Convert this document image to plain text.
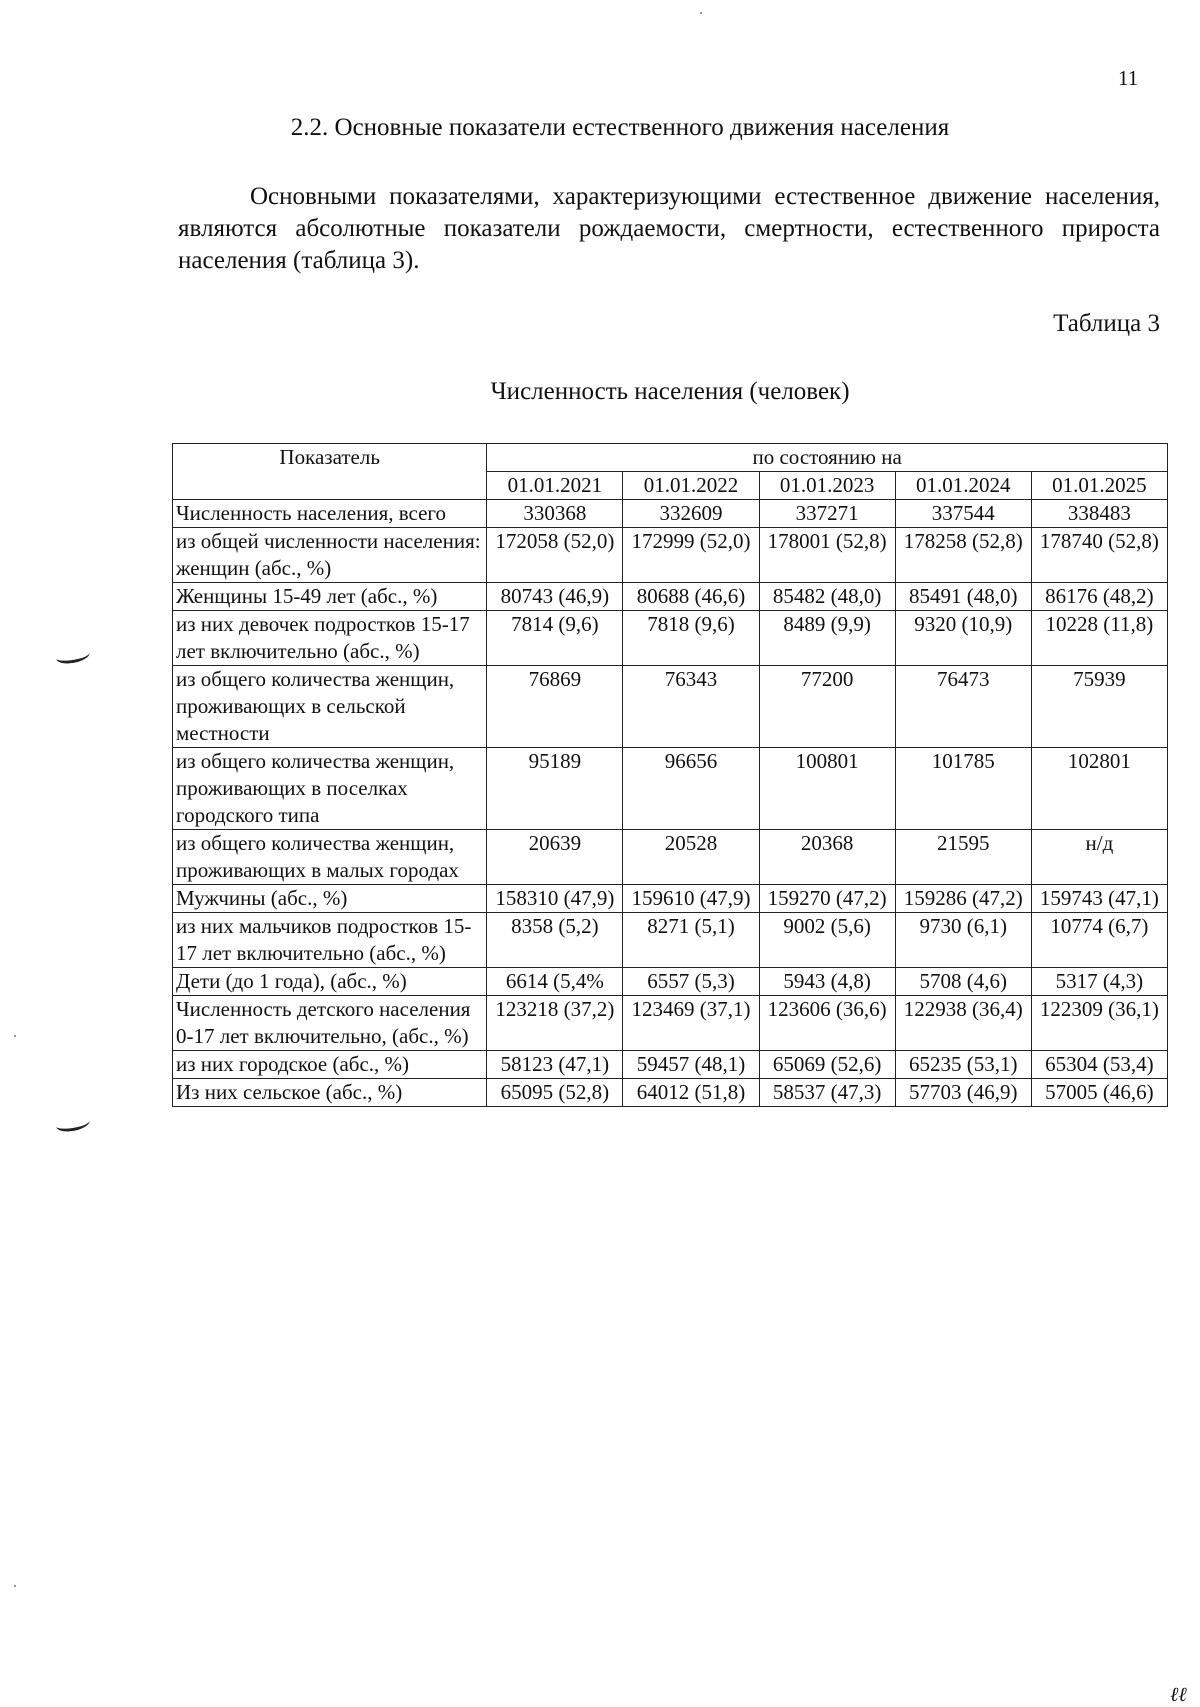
11
2.2. Основные показатели естественного движения населения

Основными показателями, характеризующими естественное движение населения, являются абсолютные показатели рождаемости, смертности, естественного прироста населения (таблица 3).

Таблица 3
Численность населения (человек)
Показатель	по состоянию на				
	01.01.2021	01.01.2022	01.01.2023	01.01.2024	01.01.2025
Численность населения, всего	330368	332609	337271	337544	338483
из общей численности населения: женщин (абс., %)	172058 (52,0)	172999 (52,0)	178001 (52,8)	178258 (52,8)	178740 (52,8)
Женщины 15-49 лет (абс., %)	80743 (46,9)	80688 (46,6)	85482 (48,0)	85491 (48,0)	86176 (48,2)
из них девочек подростков 15-17 лет включительно (абс., %)	7814 (9,6)	7818 (9,6)	8489 (9,9)	9320 (10,9)	10228 (11,8)
из общего количества женщин, проживающих в сельской местности	76869	76343	77200	76473	75939
из общего количества женщин, проживающих в поселках городского типа	95189	96656	100801	101785	102801
из общего количества женщин, проживающих в малых городах	20639	20528	20368	21595	н/д
Мужчины (абс., %)	158310 (47,9)	159610 (47,9)	159270 (47,2)	159286 (47,2)	159743 (47,1)
из них мальчиков подростков 15-17 лет включительно (абс., %)	8358 (5,2)	8271 (5,1)	9002 (5,6)	9730 (6,1)	10774 (6,7)
Дети (до 1 года), (абс., %)	6614 (5,4%	6557 (5,3)	5943 (4,8)	5708 (4,6)	5317 (4,3)
Численность детского населения 0-17 лет включительно, (абс., %)	123218 (37,2)	123469 (37,1)	123606 (36,6)	122938 (36,4)	122309 (36,1)
из них городское (абс., %)	58123 (47,1)	59457 (48,1)	65069 (52,6)	65235 (53,1)	65304 (53,4)
Из них сельское (абс., %)	65095 (52,8)	64012 (51,8)	58537 (47,3)	57703 (46,9)	57005 (46,6)
ℓℓ
